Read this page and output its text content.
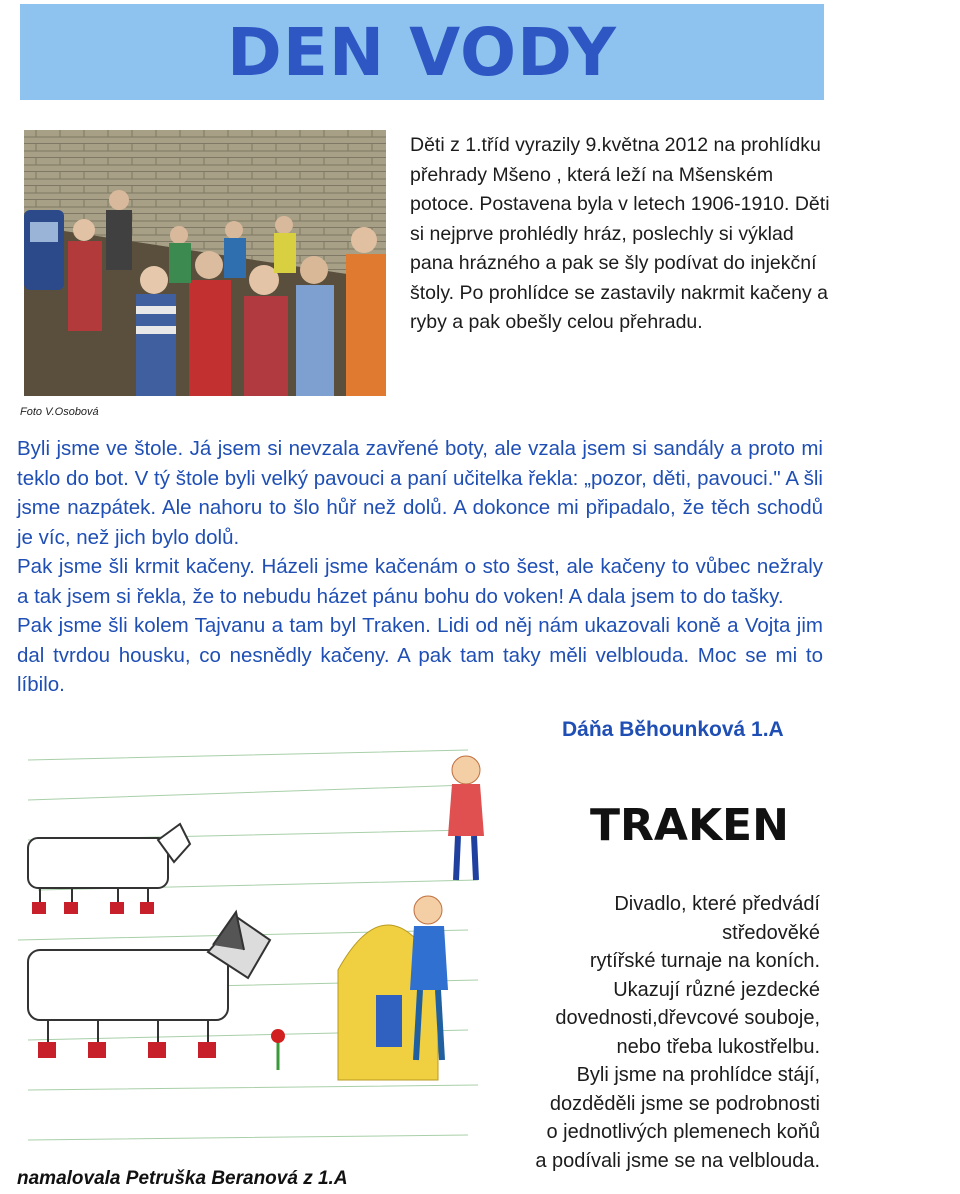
DEN VODY
Foto V.Osobová

Děti z 1.tříd vyrazily 9.května 2012 na prohlídku přehrady Mšeno , která leží na Mšenském potoce. Postavena byla v letech 1906-1910. Děti si nejprve prohlédly hráz, poslechly si výklad pana hrázného a pak se šly podívat do injekční štoly. Po prohlídce se zastavily nakrmit kačeny a ryby a pak obešly celou přehradu.

Byli jsme ve štole. Já jsem si nevzala zavřené boty, ale vzala jsem si sandály a proto mi teklo do bot. V tý štole byli velký pavouci a paní učitelka řekla: „pozor, děti, pavouci." A šli jsme nazpátek. Ale nahoru to šlo hůř než dolů. A dokonce mi připadalo, že těch schodů je víc, než jich bylo dolů.

Pak jsme šli krmit kačeny. Házeli jsme kačenám o sto šest, ale kačeny to vůbec nežraly a tak jsem si řekla, že to nebudu házet pánu bohu do voken! A dala jsem to do tašky.

Pak jsme šli kolem Tajvanu a tam byl Traken. Lidi od něj nám ukazovali koně a Vojta jim dal tvrdou housku, co nesnědly kačeny. A pak tam taky měli velblouda. Moc se mi to líbilo.

Dáňa Běhounková 1.A
namalovala Petruška Beranová z 1.A
TRAKEN

Divadlo, které předvádí

středověké

rytířské turnaje na koních.

Ukazují různé jezdecké

dovednosti,dřevcové souboje,

nebo třeba lukostřelbu.

Byli jsme na prohlídce stájí,

dozděděli jsme se podrobnosti

o jednotlivých plemenech koňů

a podívali jsme se na velblouda.
